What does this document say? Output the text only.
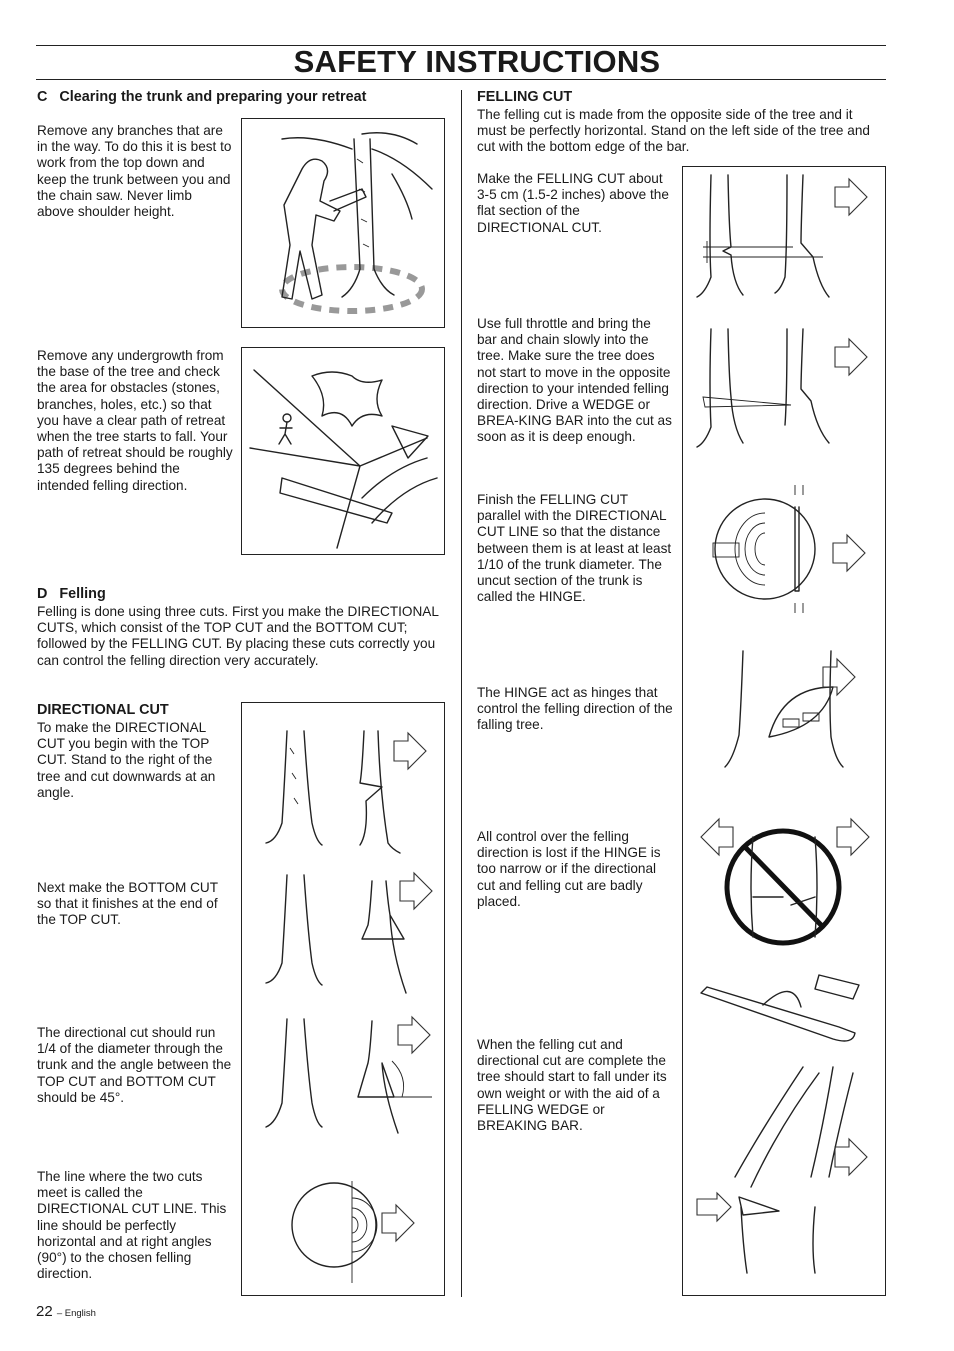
SAFETY INSTRUCTIONS

C   Clearing the trunk and preparing your retreat

Remove any branches that are in the way. To do this it is best to work from the top down and keep the trunk between you and the chain saw. Never limb above shoulder height.

Remove any undergrowth from the base of the tree and check the area for obstacles (stones, branches, holes, etc.) so that you have a clear path of retreat when the tree starts to fall. Your path of retreat should be roughly 135 degrees behind the intended felling direction.

D   Felling

Felling is done using three cuts. First you make the DIRECTIONAL CUTS, which consist of the TOP CUT and the BOTTOM CUT; followed by the FELLING CUT. By placing these cuts correctly you can control the felling direction very accurately.

DIRECTIONAL CUT

To make the DIRECTIONAL CUT you begin with the TOP CUT. Stand to the right of the tree and cut downwards at an angle.

Next make the BOTTOM CUT so that it finishes at the end of the TOP CUT.

The directional cut should run 1/4 of the diameter through the trunk and the angle between the TOP CUT and BOTTOM CUT should be 45°.

The line where the two cuts meet is called the DIRECTIONAL CUT LINE. This line should be perfectly horizontal and at right angles (90°) to the chosen felling direction.

FELLING CUT

The felling cut is made from the opposite side of the tree and it must be perfectly horizontal. Stand on the left side of the tree and cut with the bottom edge of the bar.

Make the FELLING CUT about 3-5 cm (1.5-2 inches) above the flat section of the DIRECTIONAL CUT.

Use full throttle and bring the bar and chain slowly into the tree. Make sure the tree does not start to move in the opposite direction to your intended felling direction. Drive a WEDGE or BREA-KING BAR into the cut as soon as it is deep enough.

Finish the FELLING CUT parallel with the DIRECTIONAL CUT LINE so that the distance between them is at least at least 1/10 of the trunk diameter. The uncut section of the trunk is called the HINGE.

The HINGE act as hinges that control the felling direction of the falling tree.

All control over the felling direction is lost if the HINGE is too narrow or if the directional cut and felling cut are badly placed.

When the felling cut and directional cut are complete the tree should start to fall under its own weight or with the aid of a FELLING WEDGE or BREAKING BAR.

22 – English
